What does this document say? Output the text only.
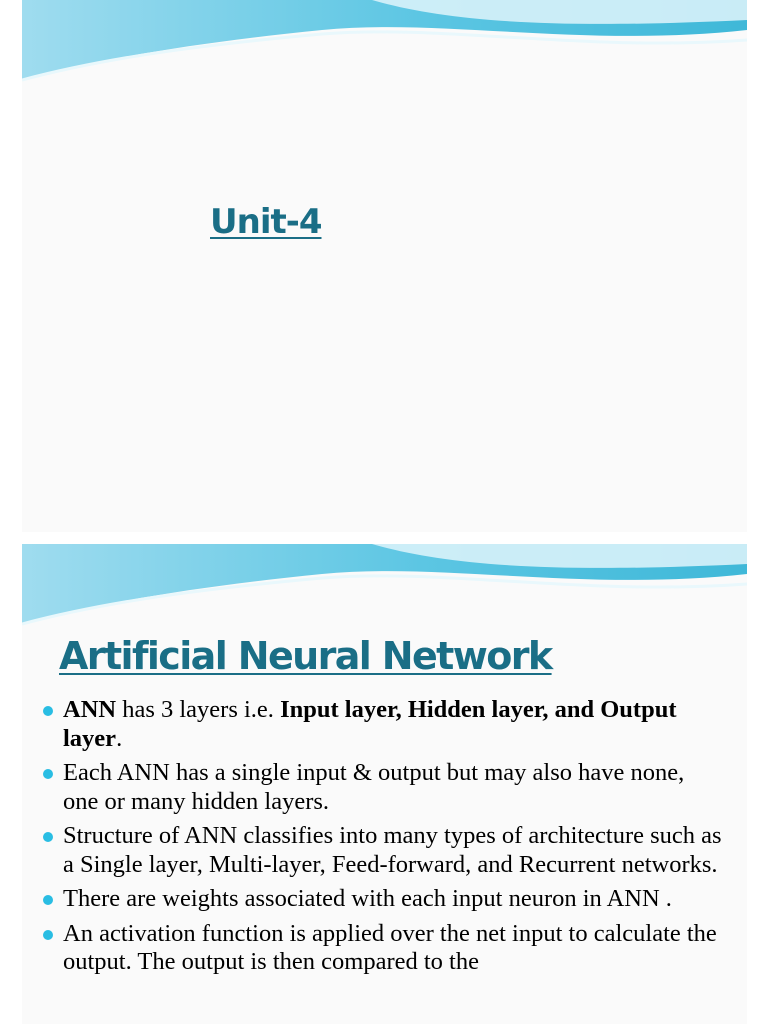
Unit-4
Artificial Neural Network
ANN has 3 layers i.e. Input layer, Hidden layer, and Output layer.
Each ANN has a single input & output but may also have none, one or many hidden layers.
Structure of ANN classifies into many types of architecture such as a Single layer, Multi-layer, Feed-forward, and Recurrent networks.
There are weights associated with each input neuron in ANN .
An activation function is applied over the net input to calculate the output. The output is then compared to the
